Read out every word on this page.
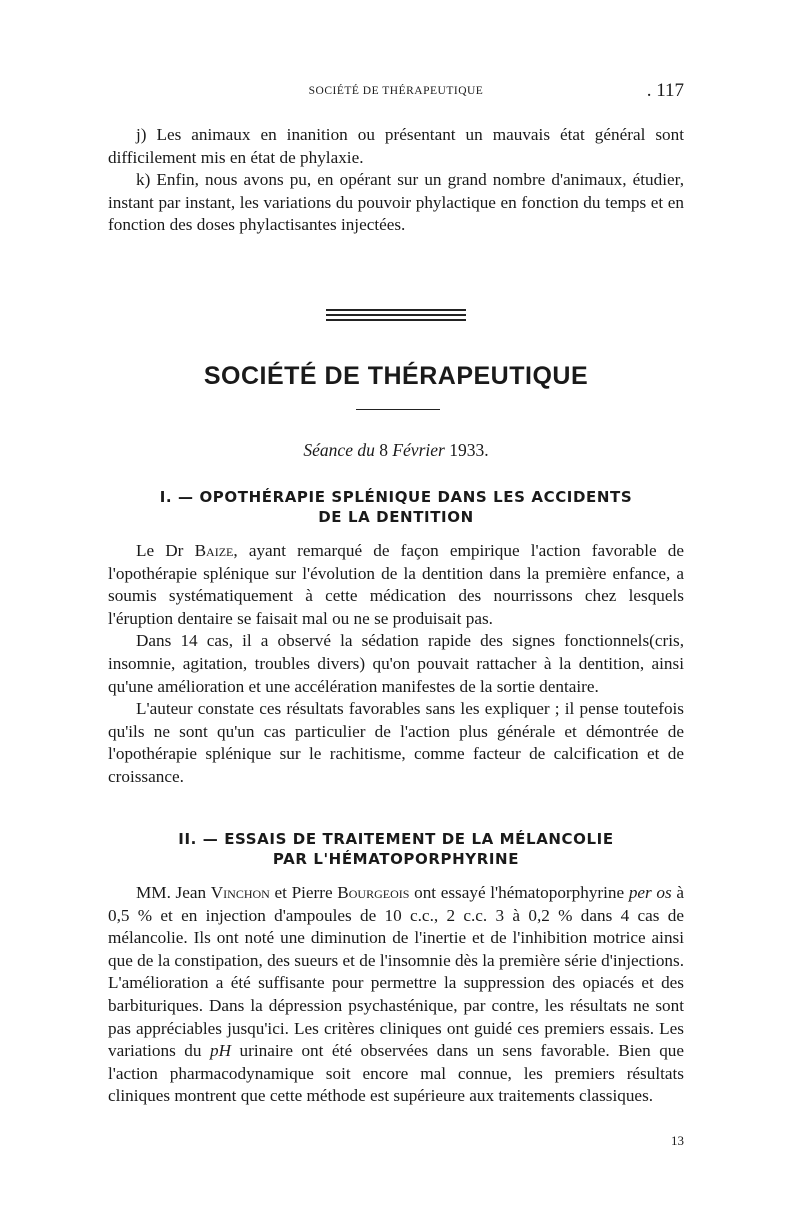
SOCIÉTÉ DE THÉRAPEUTIQUE	. 117

j) Les animaux en inanition ou présentant un mauvais état général sont difficilement mis en état de phylaxie.

k) Enfin, nous avons pu, en opérant sur un grand nombre d'animaux, étudier, instant par instant, les variations du pouvoir phylactique en fonction du temps et en fonction des doses phylactisantes injectées.

SOCIÉTÉ DE THÉRAPEUTIQUE
Séance du 8 Février 1933.
I. — OPOTHÉRAPIE SPLÉNIQUE DANS LES ACCIDENTS
DE LA DENTITION

Le Dr Baize, ayant remarqué de façon empirique l'action favorable de l'opothérapie splénique sur l'évolution de la dentition dans la première enfance, a soumis systématiquement à cette médication des nourrissons chez lesquels l'éruption dentaire se faisait mal ou ne se produisait pas.

Dans 14 cas, il a observé la sédation rapide des signes fonctionnels(cris, insomnie, agitation, troubles divers) qu'on pouvait rattacher à la dentition, ainsi qu'une amélioration et une accélération manifestes de la sortie dentaire.

L'auteur constate ces résultats favorables sans les expliquer ; il pense toutefois qu'ils ne sont qu'un cas particulier de l'action plus générale et démontrée de l'opothérapie splénique sur le rachitisme, comme facteur de calcification et de croissance.

II. — ESSAIS DE TRAITEMENT DE LA MÉLANCOLIE
PAR L'HÉMATOPORPHYRINE

MM. Jean Vinchon et Pierre Bourgeois ont essayé l'hématoporphyrine per os à 0,5 % et en injection d'ampoules de 10 c.c., 2 c.c. 3 à 0,2 % dans 4 cas de mélancolie. Ils ont noté une diminution de l'inertie et de l'inhibition motrice ainsi que de la constipation, des sueurs et de l'insomnie dès la première série d'injections. L'amélioration a été suffisante pour permettre la suppression des opiacés et des barbituriques. Dans la dépression psychasténique, par contre, les résultats ne sont pas appréciables jusqu'ici. Les critères cliniques ont guidé ces premiers essais. Les variations du pH urinaire ont été observées dans un sens favorable. Bien que l'action pharmacodynamique soit encore mal connue, les premiers résultats cliniques montrent que cette méthode est supérieure aux traitements classiques.

13
